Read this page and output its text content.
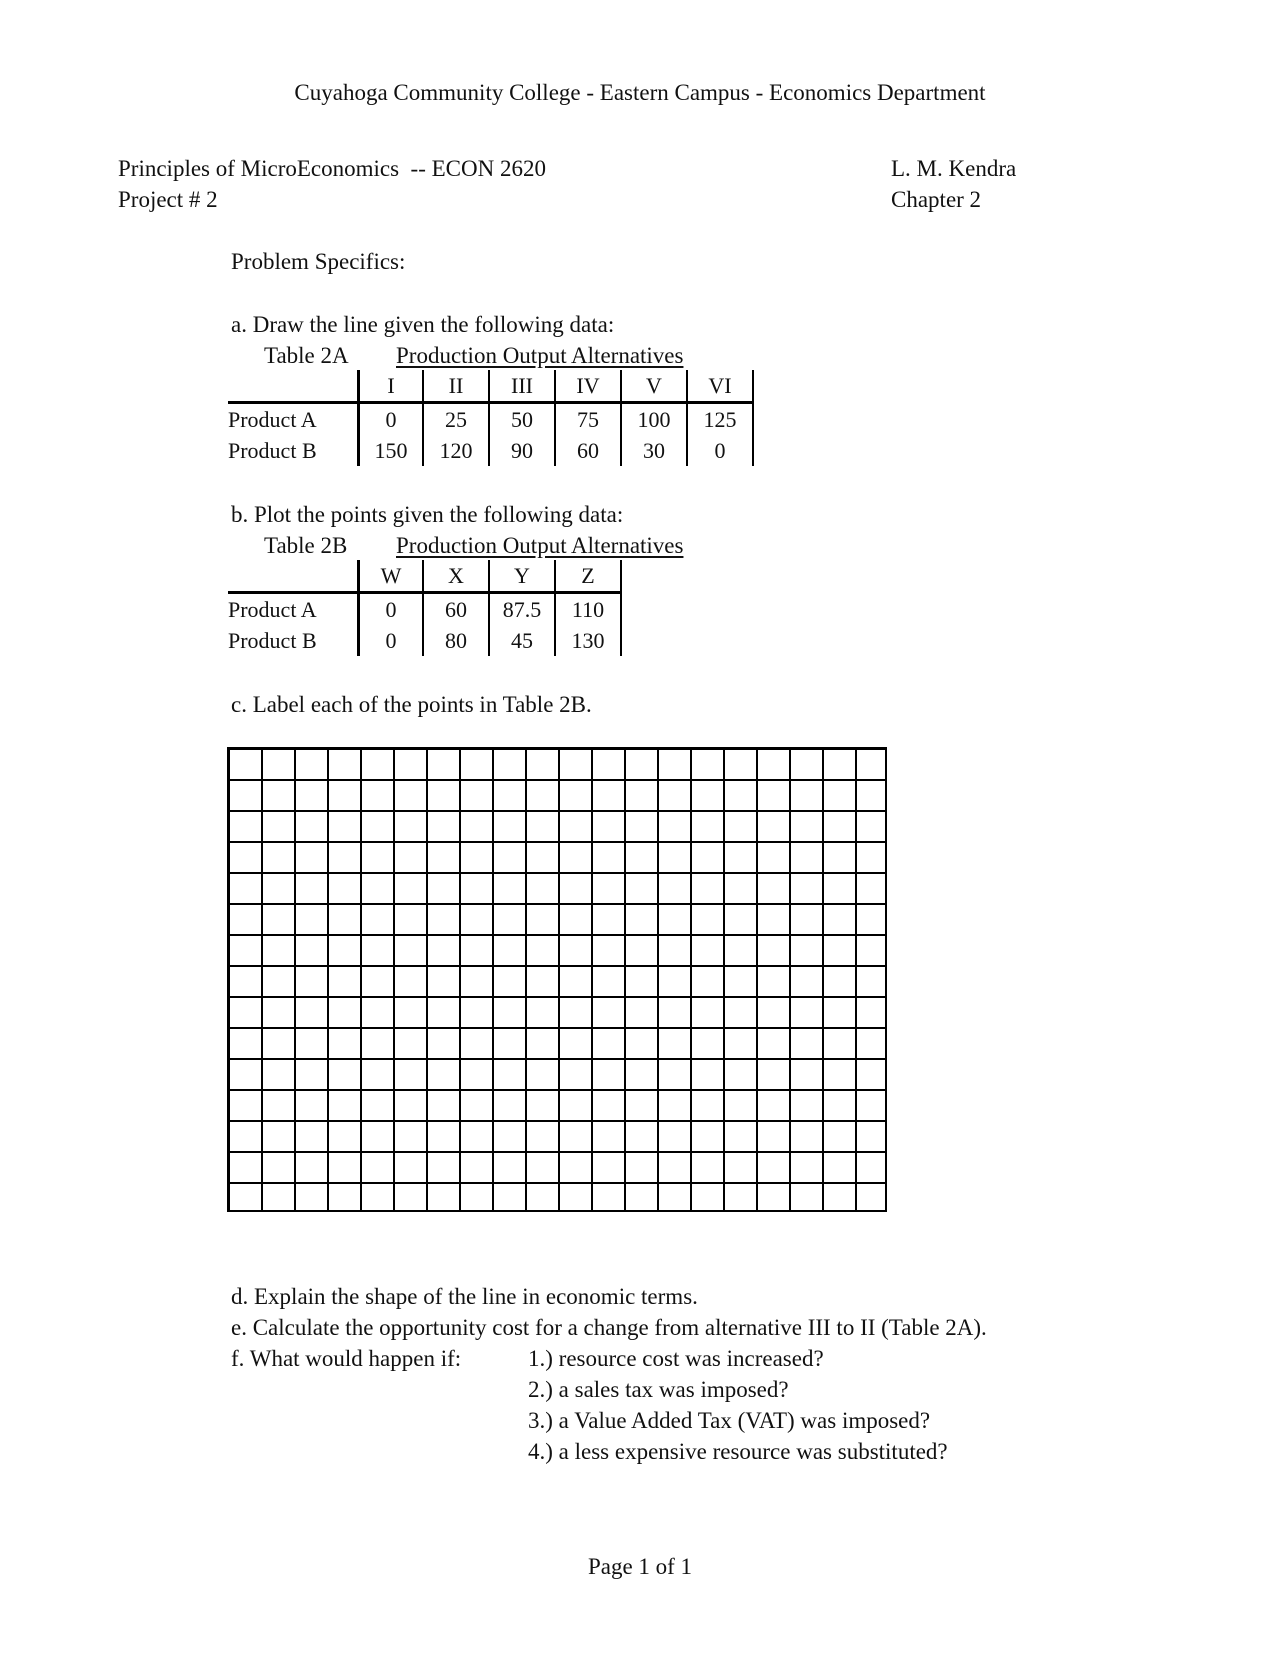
Cuyahoga Community College - Eastern Campus - Economics Department
Principles of MicroEconomics  -- ECON 2620
Project # 2
L. M. Kendra
Chapter 2
Problem Specifics:
a. Draw the line given the following data:
Table 2A Production Output Alternatives
	I	II	III	IV	V	VI
Product A	0	25	50	75	100	125
Product B	150	120	90	60	30	0
b. Plot the points given the following data:
Table 2B Production Output Alternatives
	W	X	Y	Z
Product A	0	60	87.5	110
Product B	0	80	45	130
c. Label each of the points in Table 2B.
d. Explain the shape of the line in economic terms.
e. Calculate the opportunity cost for a change from alternative III to II (Table 2A).
f. What would happen if:	1.) resource cost was increased?
2.) a sales tax was imposed?
3.) a Value Added Tax (VAT) was imposed?
4.) a less expensive resource was substituted?
Page 1 of 1
